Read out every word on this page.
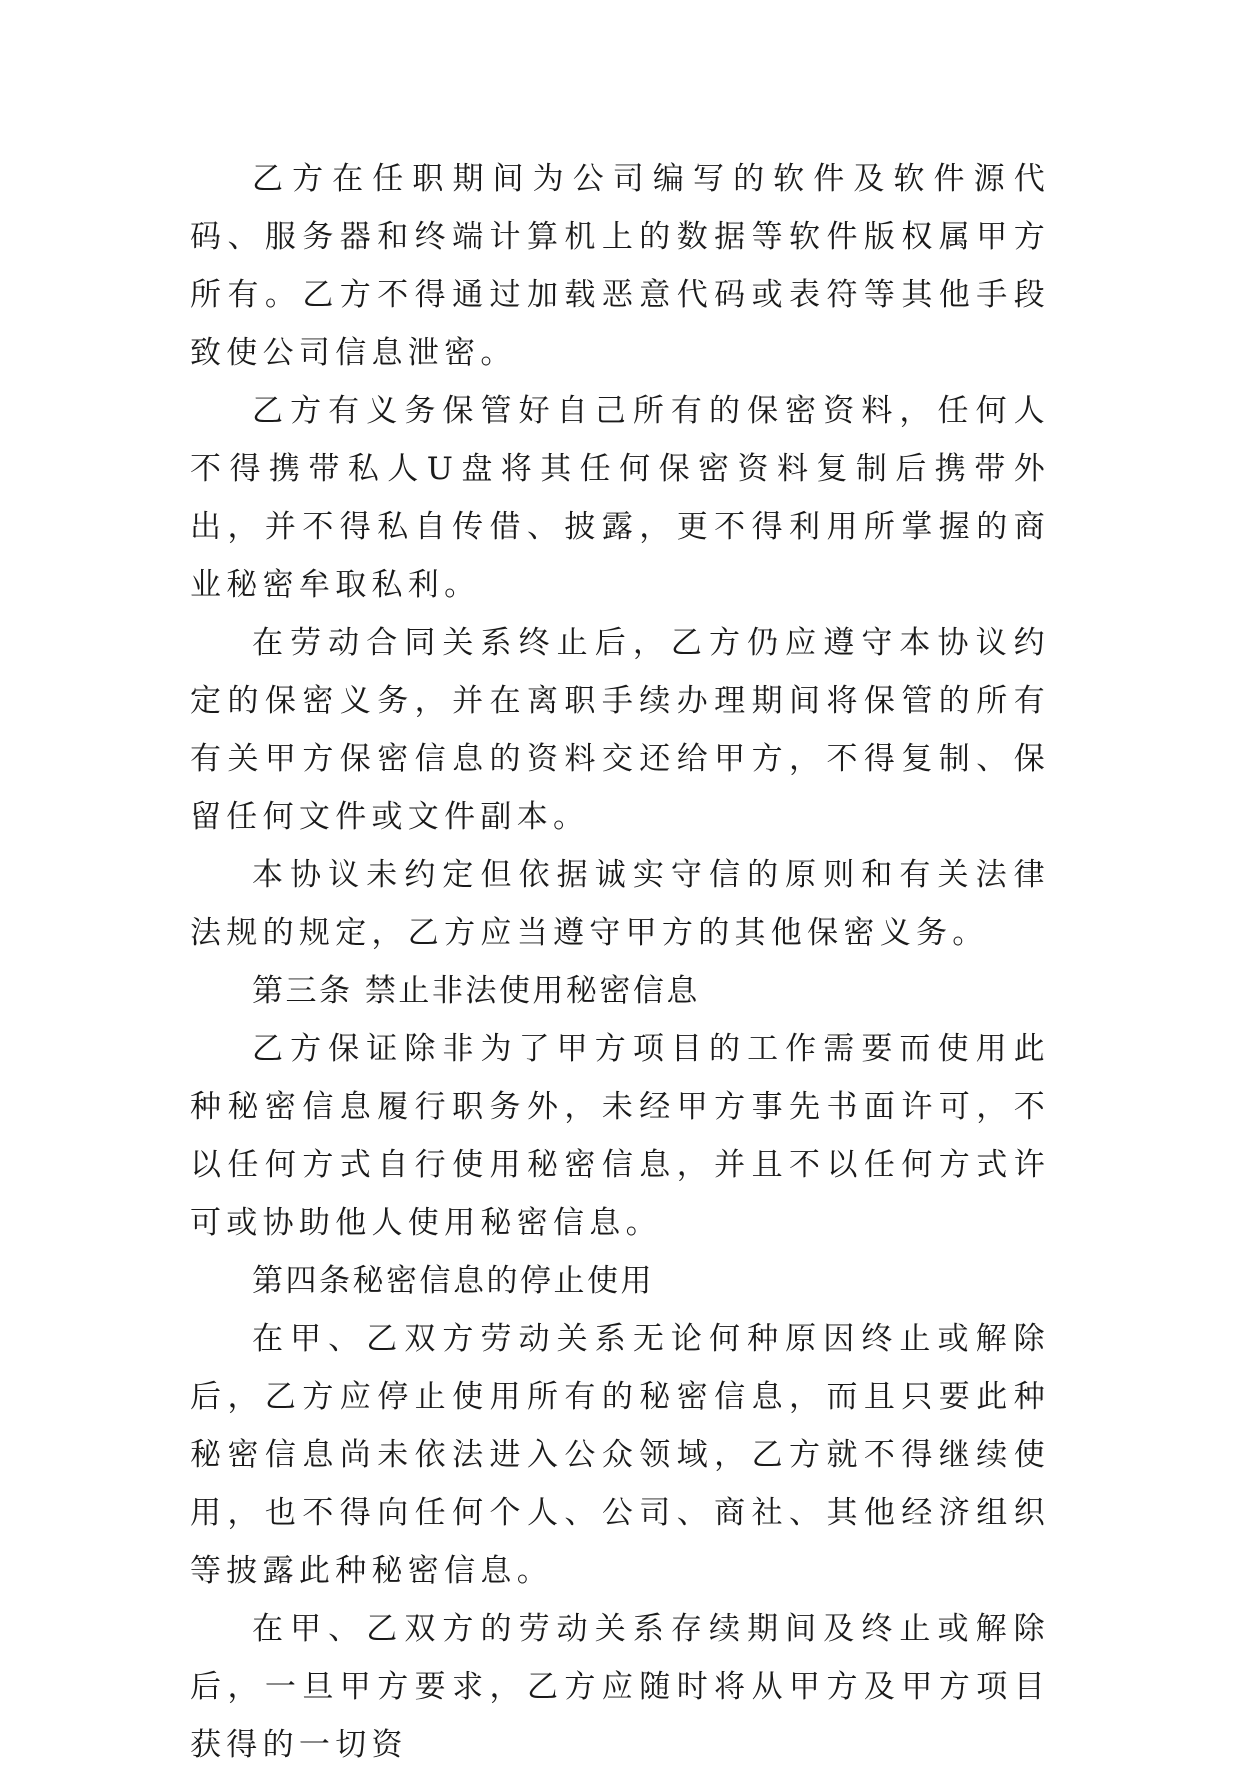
乙方在任职期间为公司编写的软件及软件源代码、服务器和终端计算机上的数据等软件版权属甲方所有。乙方不得通过加载恶意代码或表符等其他手段致使公司信息泄密。

乙方有义务保管好自己所有的保密资料，任何人不得携带私人U盘将其任何保密资料复制后携带外出，并不得私自传借、披露，更不得利用所掌握的商业秘密牟取私利。

在劳动合同关系终止后，乙方仍应遵守本协议约定的保密义务，并在离职手续办理期间将保管的所有有关甲方保密信息的资料交还给甲方，不得复制、保留任何文件或文件副本。

本协议未约定但依据诚实守信的原则和有关法律法规的规定，乙方应当遵守甲方的其他保密义务。

第三条 禁止非法使用秘密信息

乙方保证除非为了甲方项目的工作需要而使用此种秘密信息履行职务外，未经甲方事先书面许可，不以任何方式自行使用秘密信息，并且不以任何方式许可或协助他人使用秘密信息。

第四条秘密信息的停止使用

在甲、乙双方劳动关系无论何种原因终止或解除后，乙方应停止使用所有的秘密信息，而且只要此种秘密信息尚未依法进入公众领域，乙方就不得继续使用，也不得向任何个人、公司、商社、其他经济组织等披露此种秘密信息。

在甲、乙双方的劳动关系存续期间及终止或解除后，一旦甲方要求，乙方应随时将从甲方及甲方项目获得的一切资
